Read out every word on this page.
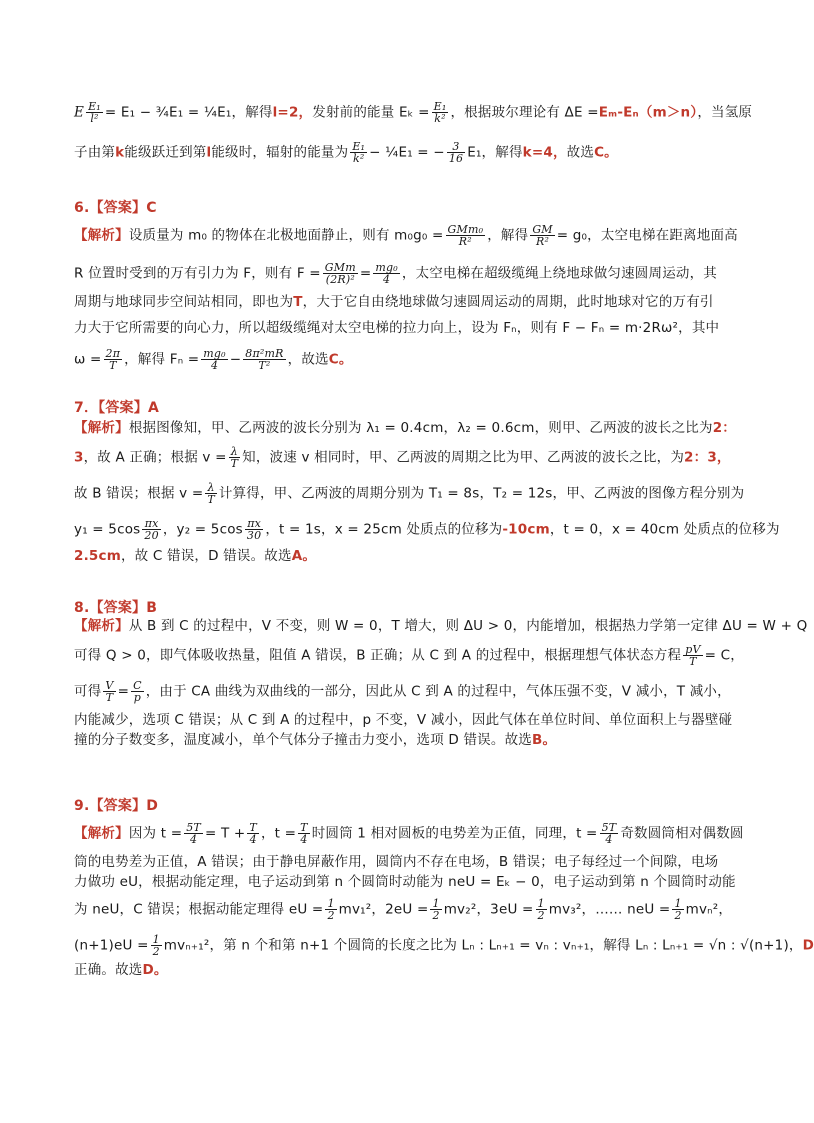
E $\frac{\text{E₁}}{\text{l²}} = E_1$ − ¾E₁ = ¼E₁，解得l=2，发射前的能量 $E_k = \frac{\text{E₁}}{\text{k²}}$ ，根据玻尔理论有 ΔE =Eₘ-Eₙ（m＞n），当氢原
子由第k能级跃迁到第l能级时，辐射的能量为 $\frac{\text{E₁}}{\text{k²}}$ − ¼E₁ = − $\frac{3}{16} E_1$，解得k=4，故选C。
6.【答案】C
【解析】设质量为 m₀ 的物体在北极地面静止，则有 $m_0g_0 = \frac{\text{GMm₀}}{\text{R²}}$ ，解得 $\frac{GM}{\text{R²}} = g_0$，太空电梯在距离地面高
R 位置时受到的万有引力为 F，则有 $F = \frac{\text{GMm}}{\text{(2R)²}} = \frac{\text{mg₀}}{4}$ ，太空电梯在超级缆绳上绕地球做匀速圆周运动，其
周期与地球同步空间站相同，即也为T，大于它自由绕地球做匀速圆周运动的周期，此时地球对它的万有引
力大于它所需要的向心力，所以超级缆绳对太空电梯的拉力向上，设为 Fₙ，则有 F − Fₙ = m·2Rω²，其中
$\omega = \frac{2\pi}{T}$ ，解得 $F_n = \frac{\text{mg₀}}{4} - \frac{\text{8π²mR}}{\text{T²}}$ ，故选C。
7．【答案】A
【解析】根据图像知，甲、乙两波的波长分别为 λ₁ = 0.4cm，λ₂ = 0.6cm，则甲、乙两波的波长之比为2：
3，故 A 正确；根据 $v = \frac{\lambda}{T}$ 知，波速 v 相同时，甲、乙两波的周期之比为甲、乙两波的波长之比，为2：3，
故 B 错误；根据 $v = \frac{\lambda}{T}$ 计算得，甲、乙两波的周期分别为 T₁ = 8s，T₂ = 12s，甲、乙两波的图像方程分别为
$y_1 = 5\cos \frac{\pi x}{20}$ ，$y_2 = 5\cos \frac{\pi x}{30}$ ，t = 1s，x = 25cm 处质点的位移为-10cm，t = 0，x = 40cm 处质点的位移为
2.5cm，故 C 错误，D 错误。故选A。
8.【答案】B
【解析】从 B 到 C 的过程中，V 不变，则 W = 0，T 增大，则 ΔU > 0，内能增加，根据热力学第一定律 ΔU = W + Q
可得 Q > 0，即气体吸收热量，阻值 A 错误，B 正确；从 C 到 A 的过程中，根据理想气体状态方程 $\frac{pV}{T} = C$，
可得 $\frac{V}{T} = \frac{C}{p}$ ，由于 CA 曲线为双曲线的一部分，因此从 C 到 A 的过程中，气体压强不变，V 减小，T 减小，
内能减少，选项 C 错误；从 C 到 A 的过程中，p 不变，V 减小，因此气体在单位时间、单位面积上与器壁碰
撞的分子数变多，温度减小，单个气体分子撞击力变小，选项 D 错误。故选B。
9.【答案】D
【解析】因为 $t = \frac{5T}{4} = T + \frac{T}{4}$ ，$t = \frac{T}{4}$ 时圆筒 1 相对圆板的电势差为正值，同理，$t = \frac{5T}{4}$ 奇数圆筒相对偶数圆
筒的电势差为正值，A 错误；由于静电屏蔽作用，圆筒内不存在电场，B 错误；电子每经过一个间隙，电场
力做功 eU，根据动能定理，电子运动到第 n 个圆筒时动能为 neU = Eₖ − 0，电子运动到第 n 个圆筒时动能
为 neU，C 错误；根据动能定理得 eU = $\frac{1}{2} mv_1^2$，$2eU = \frac{1}{2} mv_2^2$，$3eU = \frac{1}{2} mv_3^2$，…… neU = $\frac{1}{2} mv_n^2$，
$(n+1)eU = \frac{1}{2} mv_{n+1}^2$，第 n 个和第 n+1 个圆筒的长度之比为 Lₙ : Lₙ₊₁ = vₙ : vₙ₊₁，解得 Lₙ : Lₙ₊₁ = √n : √(n+1)，D
正确。故选D。
